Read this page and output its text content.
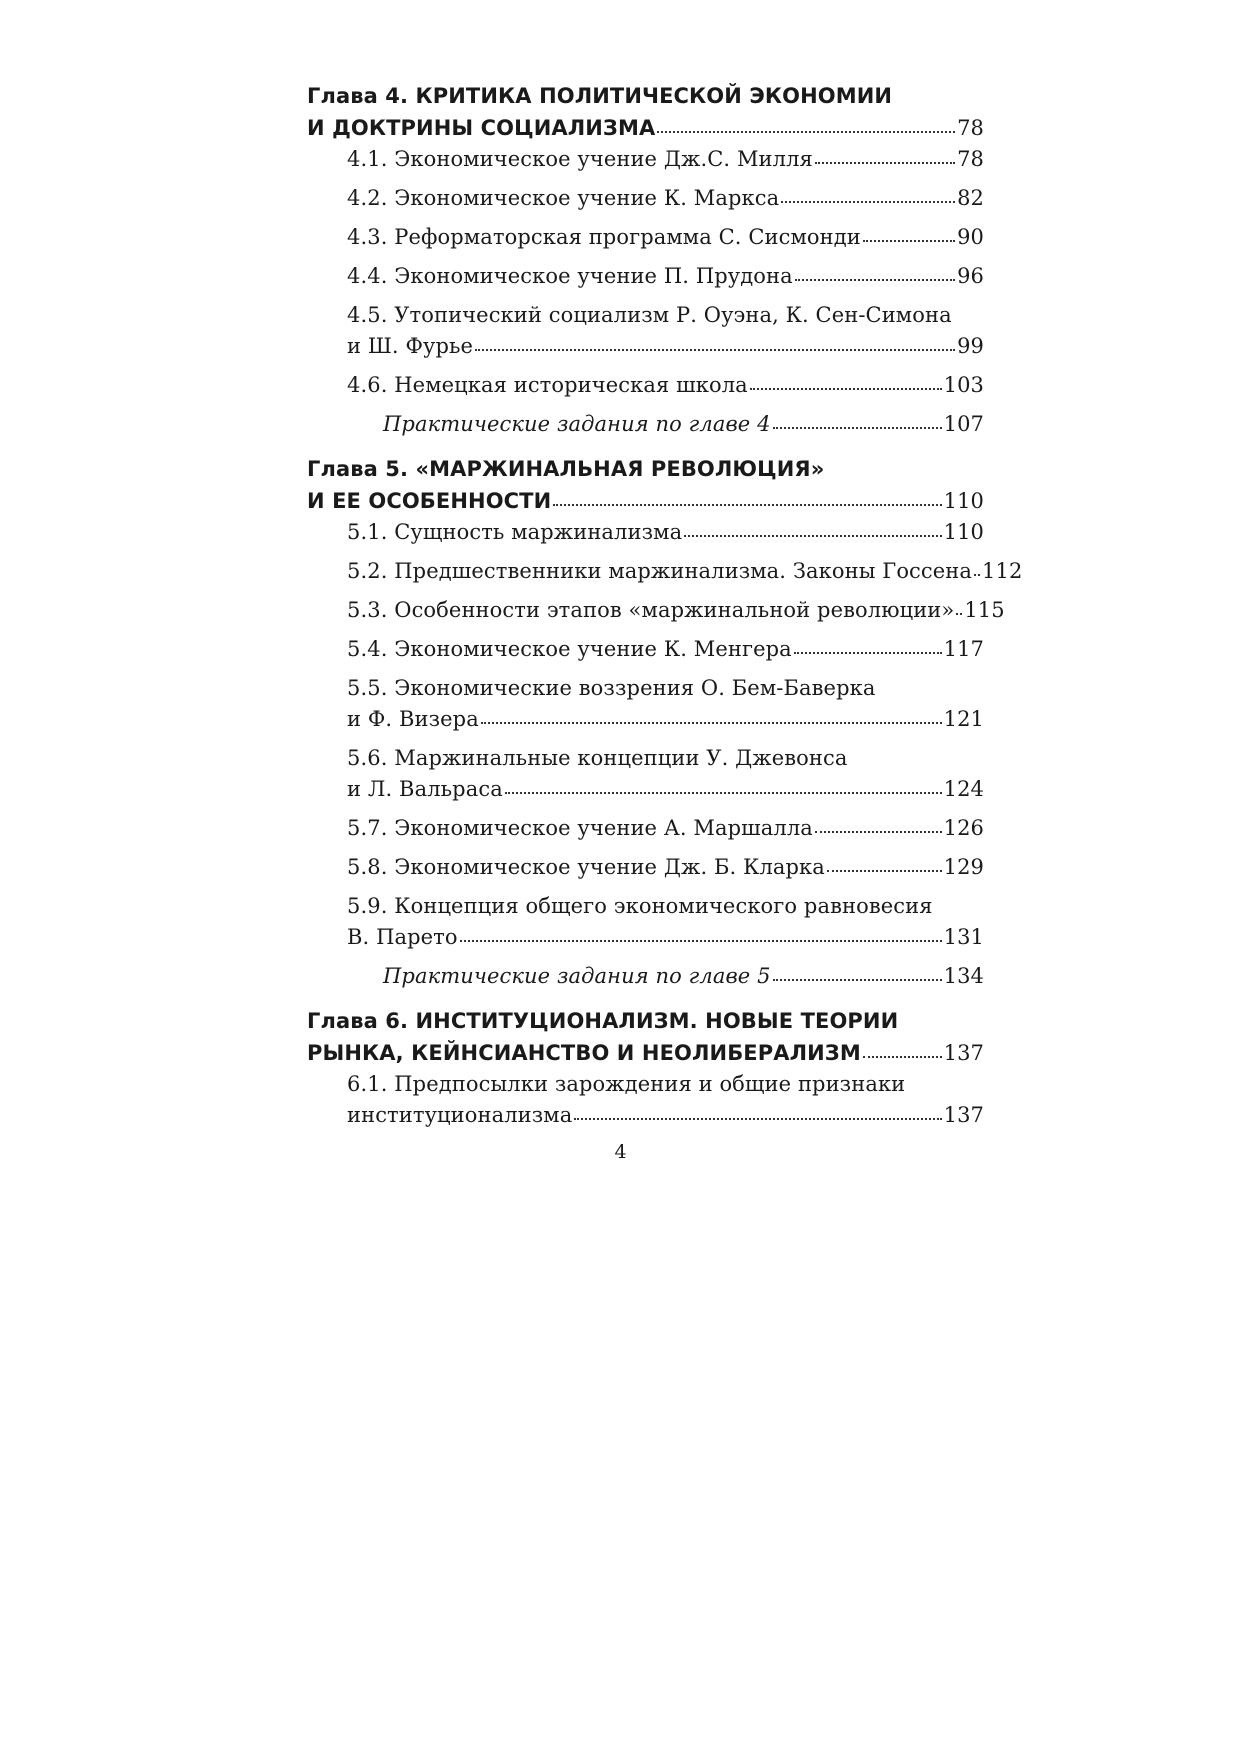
Глава 4. КРИТИКА ПОЛИТИЧЕСКОЙ ЭКОНОМИИ
И ДОКТРИНЫ СОЦИАЛИЗМА	78
4.1. Экономическое учение Дж.С. Милля	78
4.2. Экономическое учение К. Маркса	82
4.3. Реформаторская программа С. Сисмонди	90
4.4. Экономическое учение П. Прудона	96
4.5. Утопический социализм Р. Оуэна, К. Сен-Симона
и Ш. Фурье	99
4.6. Немецкая историческая школа	103
Практические задания по главе 4	107
Глава 5. «МАРЖИНАЛЬНАЯ РЕВОЛЮЦИЯ»
И ЕЕ ОСОБЕННОСТИ	110
5.1. Сущность маржинализма	110
5.2. Предшественники маржинализма. Законы Госсена 112
5.3. Особенности этапов «маржинальной революции» 115
5.4. Экономическое учение К. Менгера	117
5.5. Экономические воззрения О. Бем-Баверка
и Ф. Визера	121
5.6. Маржинальные концепции У. Джевонса
и Л. Вальраса	124
5.7. Экономическое учение А. Маршалла	126
5.8. Экономическое учение Дж. Б. Кларка	129
5.9. Концепция общего экономического равновесия
В. Парето	131
Практические задания по главе 5	134
Глава 6. ИНСТИТУЦИОНАЛИЗМ. НОВЫЕ ТЕОРИИ
РЫНКА, КЕЙНСИАНСТВО И НЕОЛИБЕРАЛИЗМ	137
6.1. Предпосылки зарождения и общие признаки
институционализма	137
4
